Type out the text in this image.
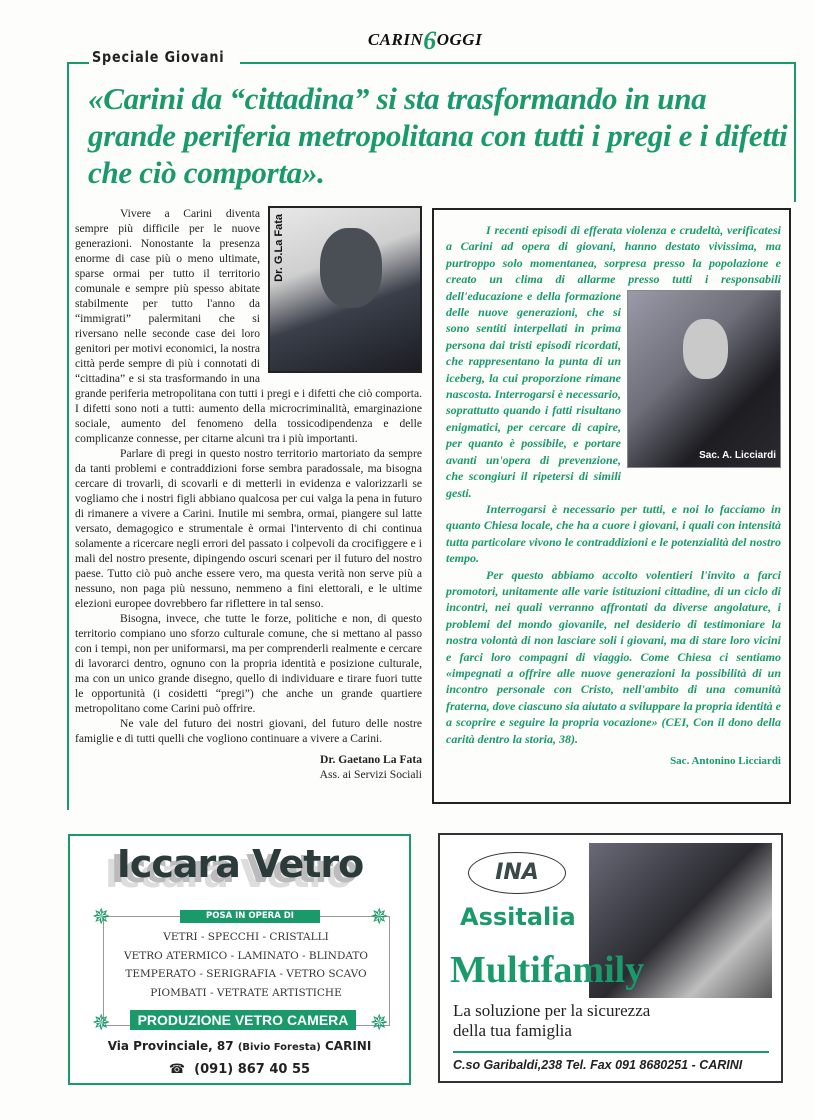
CARIN6OGGI
Speciale Giovani
«Carini da “cittadina” si sta trasformando in una grande periferia metropolitana con tutti i pregi e i difetti che ciò comporta».
Dr. G.La Fata

Vivere a Carini diventa sempre più difficile per le nuove generazioni. Nonostante la presenza enorme di case più o meno ultimate, sparse ormai per tutto il territorio comunale e sempre più spesso abitate stabilmente per tutto l'anno da “immigrati” palermitani che si riversano nelle seconde case dei loro genitori per motivi economici, la nostra città perde sempre di più i connotati di “cittadina” e si sta trasformando in una grande periferia metropolitana con tutti i pregi e i difetti che ciò comporta. I difetti sono noti a tutti: aumento della microcriminalità, emarginazione sociale, aumento del fenomeno della tossicodipendenza e delle complicanze connesse, per citarne alcuni tra i più importanti.

Parlare di pregi in questo nostro territorio martoriato da sempre da tanti problemi e contraddizioni forse sembra paradossale, ma bisogna cercare di trovarli, di scovarli e di metterli in evidenza e valorizzarli se vogliamo che i nostri figli abbiano qualcosa per cui valga la pena in futuro di rimanere a vivere a Carini. Inutile mi sembra, ormai, piangere sul latte versato, demagogico e strumentale è ormai l'intervento di chi continua solamente a ricercare negli errori del passato i colpevoli da crocifiggere e i mali del nostro presente, dipingendo oscuri scenari per il futuro del nostro paese. Tutto ciò può anche essere vero, ma questa verità non serve più a nessuno, non paga più nessuno, nemmeno a fini elettorali, e le ultime elezioni europee dovrebbero far riflettere in tal senso.

Bisogna, invece, che tutte le forze, politiche e non, di questo territorio compiano uno sforzo culturale comune, che si mettano al passo con i tempi, non per uniformarsi, ma per comprenderli realmente e cercare di lavorarci dentro, ognuno con la propria identità e posizione culturale, ma con un unico grande disegno, quello di individuare e tirare fuori tutte le opportunità (i cosidetti “pregi”) che anche un grande quartiere metropolitano come Carini può offrire.

Ne vale del futuro dei nostri giovani, del futuro delle nostre famiglie e di tutti quelli che vogliono continuare a vivere a Carini.

Dr. Gaetano La Fata

Ass. ai Servizi Sociali

Sac. A. Licciardi

I recenti episodi di efferata violenza e crudeltà, verificatesi a Carini ad opera di giovani, hanno destato vivissima, ma purtroppo solo momentanea, sorpresa presso la popolazione e creato un clima di allarme presso tutti i responsabili dell'educazione e della formazione delle nuove generazioni, che si sono sentiti interpellati in prima persona dai tristi episodi ricordati, che rappresentano la punta di un iceberg, la cui proporzione rimane nascosta. Interrogarsi è necessario, soprattutto quando i fatti risultano enigmatici, per cercare di capire, per quanto è possibile, e portare avanti un'opera di prevenzione, che scongiuri il ripetersi di simili gesti.

Interrogarsi è necessario per tutti, e noi lo facciamo in quanto Chiesa locale, che ha a cuore i giovani, i quali con intensità tutta particolare vivono le contraddizioni e le potenzialità del nostro tempo.

Per questo abbiamo accolto volentieri l'invito a farci promotori, unitamente alle varie istituzioni cittadine, di un ciclo di incontri, nei quali verranno affrontati da diverse angolature, i problemi del mondo giovanile, nel desiderio di testimoniare la nostra volontà di non lasciare soli i giovani, ma di stare loro vicini e farci loro compagni di viaggio. Come Chiesa ci sentiamo «impegnati a offrire alle nuove generazioni la possibilità di un incontro personale con Cristo, nell'ambito di una comunità fraterna, dove ciascuno sia aiutato a sviluppare la propria identità e a scoprire e seguire la propria vocazione» (CEI, Con il dono della carità dentro la storia, 38).

Sac. Antonino Licciardi

Iccara Vetro
✵	✵
✵	✵
POSA IN OPERA DI
VETRI - SPECCHI - CRISTALLI
VETRO ATERMICO - LAMINATO - BLINDATO
TEMPERATO - SERIGRAFIA - VETRO SCAVO
PIOMBATI - VETRATE ARTISTICHE
PRODUZIONE VETRO CAMERA
Via Provinciale, 87 (Bivio Foresta) CARINI
☎ (091) 867 40 55
INA
Assitalia
Multifamily
La soluzione per la sicurezza
della tua famiglia
C.so Garibaldi,238 Tel. Fax 091 8680251 - CARINI
